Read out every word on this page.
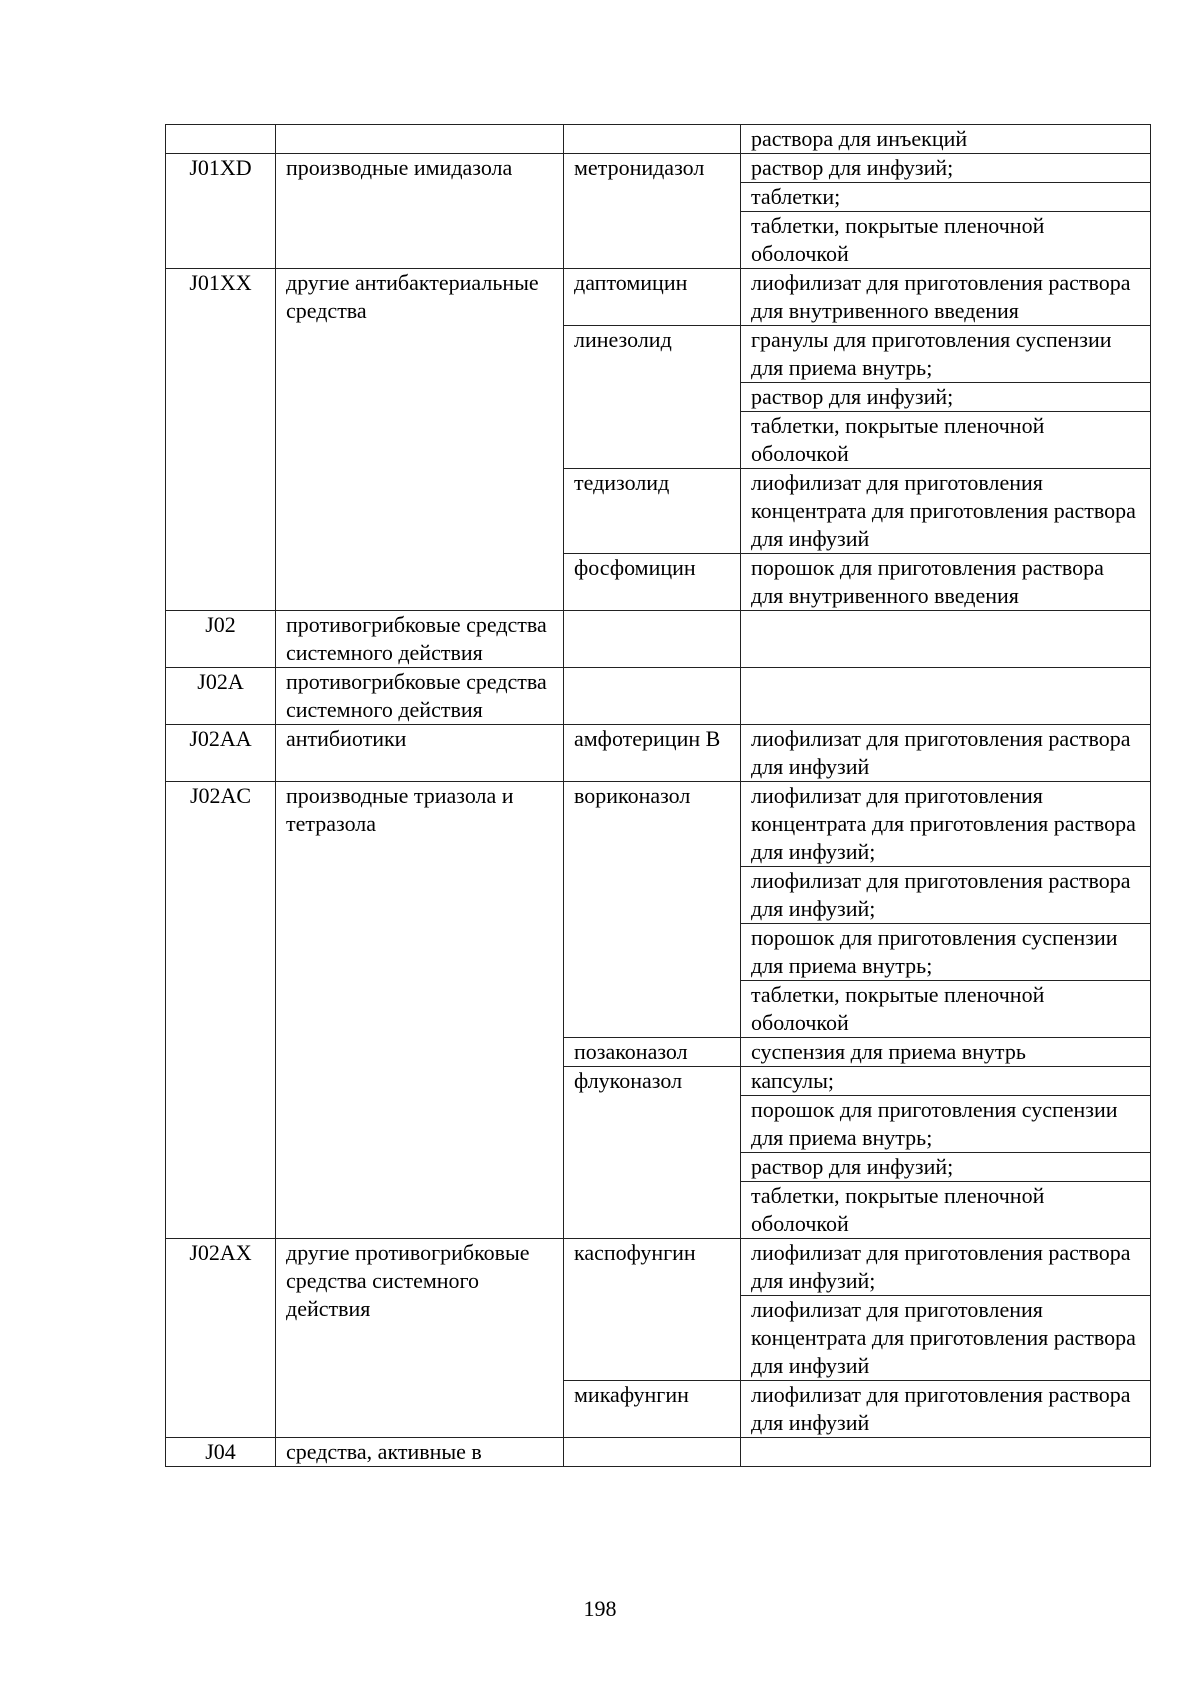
			раствора для инъекций
J01XD	производные имидазола	метронидазол	раствор для инфузий;
			таблетки;
			таблетки, покрытые пленочной оболочкой
J01XX	другие антибактериальные средства	даптомицин	лиофилизат для приготовления раствора для внутривенного введения
		линезолид	гранулы для приготовления суспензии для приема внутрь;
			раствор для инфузий;
			таблетки, покрытые пленочной оболочкой
		тедизолид	лиофилизат для приготовления концентрата для приготовления раствора для инфузий
		фосфомицин	порошок для приготовления раствора для внутривенного введения
J02	противогрибковые средства системного действия		
J02A	противогрибковые средства системного действия		
J02AA	антибиотики	амфотерицин B	лиофилизат для приготовления раствора для инфузий
J02AC	производные триазола и тетразола	вориконазол	лиофилизат для приготовления концентрата для приготовления раствора для инфузий;
			лиофилизат для приготовления раствора для инфузий;
			порошок для приготовления суспензии для приема внутрь;
			таблетки, покрытые пленочной оболочкой
		позаконазол	суспензия для приема внутрь
		флуконазол	капсулы;
			порошок для приготовления суспензии для приема внутрь;
			раствор для инфузий;
			таблетки, покрытые пленочной оболочкой
J02AX	другие противогрибковые средства системного действия	каспофунгин	лиофилизат для приготовления раствора для инфузий;
			лиофилизат для приготовления концентрата для приготовления раствора для инфузий
		микафунгин	лиофилизат для приготовления раствора для инфузий
J04	средства, активные в		
198
